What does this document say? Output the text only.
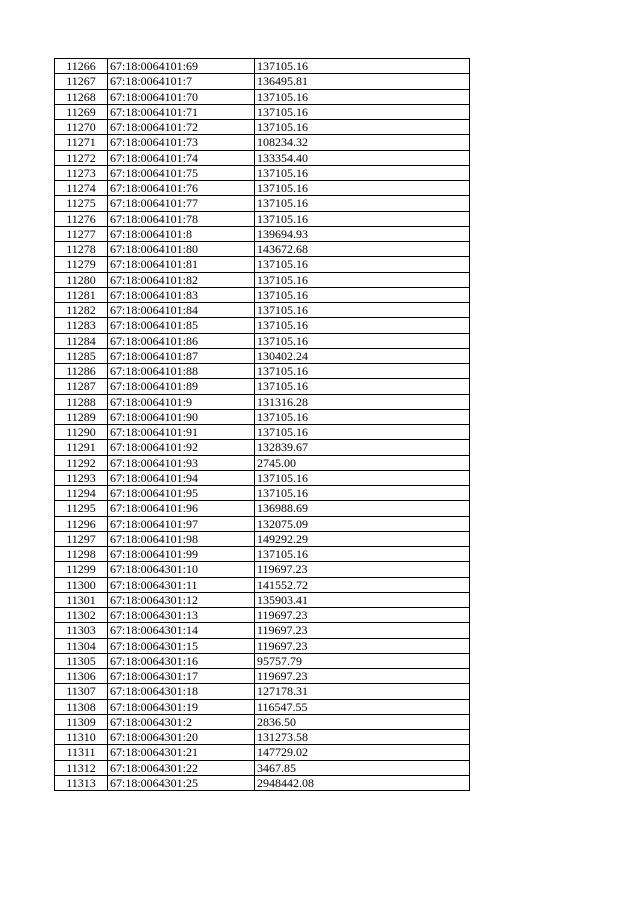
11266	67:18:0064101:69	137105.16
11267	67:18:0064101:7	136495.81
11268	67:18:0064101:70	137105.16
11269	67:18:0064101:71	137105.16
11270	67:18:0064101:72	137105.16
11271	67:18:0064101:73	108234.32
11272	67:18:0064101:74	133354.40
11273	67:18:0064101:75	137105.16
11274	67:18:0064101:76	137105.16
11275	67:18:0064101:77	137105.16
11276	67:18:0064101:78	137105.16
11277	67:18:0064101:8	139694.93
11278	67:18:0064101:80	143672.68
11279	67:18:0064101:81	137105.16
11280	67:18:0064101:82	137105.16
11281	67:18:0064101:83	137105.16
11282	67:18:0064101:84	137105.16
11283	67:18:0064101:85	137105.16
11284	67:18:0064101:86	137105.16
11285	67:18:0064101:87	130402.24
11286	67:18:0064101:88	137105.16
11287	67:18:0064101:89	137105.16
11288	67:18:0064101:9	131316.28
11289	67:18:0064101:90	137105.16
11290	67:18:0064101:91	137105.16
11291	67:18:0064101:92	132839.67
11292	67:18:0064101:93	2745.00
11293	67:18:0064101:94	137105.16
11294	67:18:0064101:95	137105.16
11295	67:18:0064101:96	136988.69
11296	67:18:0064101:97	132075.09
11297	67:18:0064101:98	149292.29
11298	67:18:0064101:99	137105.16
11299	67:18:0064301:10	119697.23
11300	67:18:0064301:11	141552.72
11301	67:18:0064301:12	135903.41
11302	67:18:0064301:13	119697.23
11303	67:18:0064301:14	119697.23
11304	67:18:0064301:15	119697.23
11305	67:18:0064301:16	95757.79
11306	67:18:0064301:17	119697.23
11307	67:18:0064301:18	127178.31
11308	67:18:0064301:19	116547.55
11309	67:18:0064301:2	2836.50
11310	67:18:0064301:20	131273.58
11311	67:18:0064301:21	147729.02
11312	67:18:0064301:22	3467.85
11313	67:18:0064301:25	2948442.08
